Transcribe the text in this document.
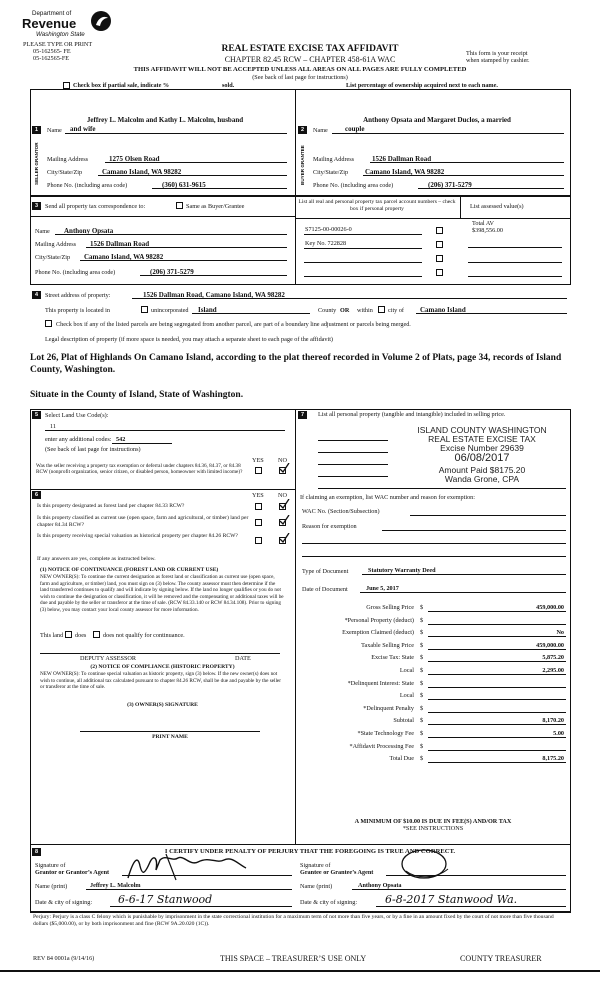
Department of
Revenue
Washington State
PLEASE TYPE OR PRINT
05-162565- FE
05-162565-FE
REAL ESTATE EXCISE TAX AFFIDAVIT
CHAPTER 82.45 RCW – CHAPTER 458-61A WAC
This form is your receipt
when stamped by cashier.
THIS AFFIDAVIT WILL NOT BE ACCEPTED UNLESS ALL AREAS ON ALL PAGES ARE FULLY COMPLETED
(See back of last page for instructions)
Check box if partial sale, indicate %	sold.	List percentage of ownership acquired next to each name.
1
SELLER GRANTOR
Jeffrey L. Malcolm and Kathy L. Malcolm, husband
Name and wife
Mailing Address	1275 Olsen Road
City/State/Zip	Camano Island, WA 98282
Phone No. (including area code)	(360) 631-9615
2
BUYER GRANTEE
Anthony Opsata and Margaret Duclos, a married
Name couple
Mailing Address	1526 Dallman Road
City/State/Zip Camano Island, WA 98282
Phone No. (including area code)	(206) 371-5279
3	Send all property tax correspondence to:	Same as Buyer/Grantee
Name Anthony Opsata
Mailing Address 1526 Dallman Road
City/State/Zip Camano Island, WA 98282
Phone No. (including area code)	(206) 371-5279
List all real and personal property tax parcel account numbers – check box if personal property	List assessed value(s)
Total AV
$398,556.00
S7125-00-00026-0
Key No. 722828
4	Street address of property:	1526 Dallman Road, Camano Island, WA 98282
This property is located in	unincorporated Island	County OR within city of Camano Island
Check box if any of the listed parcels are being segregated from another parcel, are part of a boundary line adjustment or parcels being merged.
Legal description of property (if more space is needed, you may attach a separate sheet to each page of the affidavit)
Lot 26, Plat of Highlands On Camano Island, according to the plat thereof recorded in Volume 2 of Plats, page 34, records of Island County, Washington.
Situate in the County of Island, State of Washington.
5	Select Land Use Code(s):
11
enter any additional codes: 542
(See back of last page for instructions)
YES NO
Was the seller receiving a property tax exemption or deferral under chapters 84.36, 84.37, or 84.38 RCW (nonprofit organization, senior citizen, or disabled person, homeowner with limited income)?
6	YES NO
Is this property designated as forest land per chapter 84.33 RCW?
Is this property classified as current use (open space, farm and agricultural, or timber) land per chapter 84.34 RCW?
Is this property receiving special valuation as historical property per chapter 84.26 RCW?
If any answers are yes, complete as instructed below.
(1) NOTICE OF CONTINUANCE (FOREST LAND OR CURRENT USE)
NEW OWNER(S): To continue the current designation as forest land or classification as current use (open space, farm and agriculture, or timber) land, you must sign on (3) below. The county assessor must then determine if the land transferred continues to qualify and will indicate by signing below. If the land no longer qualifies or you do not wish to continue the designation or classification, it will be removed and the compensating or additional taxes will be due and payable by the seller or transferor at the time of sale. (RCW 84.33.140 or RCW 84.34.108). Prior to signing (3) below, you may contact your local county assessor for more information.
This land does	does not qualify for continuance.
DEPUTY ASSESSOR	DATE
(2) NOTICE OF COMPLIANCE (HISTORIC PROPERTY)
NEW OWNER(S): To continue special valuation as historic property, sign (3) below. If the new owner(s) does not wish to continue, all additional tax calculated pursuant to chapter 84.26 RCW, shall be due and payable by the seller or transferor at the time of sale.
(3) OWNER(S) SIGNATURE
PRINT NAME
7	List all personal property (tangible and intangible) included in selling price.
ISLAND COUNTY WASHINGTON
REAL ESTATE EXCISE TAX
Excise Number 29639
06/08/2017
Amount Paid $8175.20
Wanda Grone, CPA
If claiming an exemption, list WAC number and reason for exemption:
WAC No. (Section/Subsection)
Reason for exemption
Type of Document	Statutory Warranty Deed
Date of Document	June 5, 2017
Gross Selling Price $	459,000.00
*Personal Property (deduct) $
Exemption Claimed (deduct) $	No
Taxable Selling Price $	459,000.00
Excise Tax: State $	5,875.20
Local $	2,295.00
*Delinquent Interest: State $
Local $
*Delinquent Penalty $
Subtotal $	8,170.20
*State Technology Fee $	5.00
*Affidavit Processing Fee $
Total Due $	8,175.20
A MINIMUM OF $10.00 IS DUE IN FEE(S) AND/OR TAX
*SEE INSTRUCTIONS
8	I CERTIFY UNDER PENALTY OF PERJURY THAT THE FOREGOING IS TRUE AND CORRECT.
Signature of
Grantor or Grantor’s Agent
Signature of
Grantee or Grantee’s Agent
Name (print)	Jeffrey L. Malcolm	Name (print)	Anthony Opsata
Date & city of signing: 6-6-17 Stanwood	Date & city of signing:	6-8-2017 Stanwood Wa.
Perjury: Perjury is a class C felony which is punishable by imprisonment in the state correctional institution for a maximum term of not more than five years, or by a fine in an amount fixed by the court of not more than five thousand dollars ($5,000.00), or by both imprisonment and fine (RCW 9A.20.020 (1C)).
REV 84 0001a (9/14/16)	THIS SPACE – TREASURER’S USE ONLY	COUNTY TREASURER
